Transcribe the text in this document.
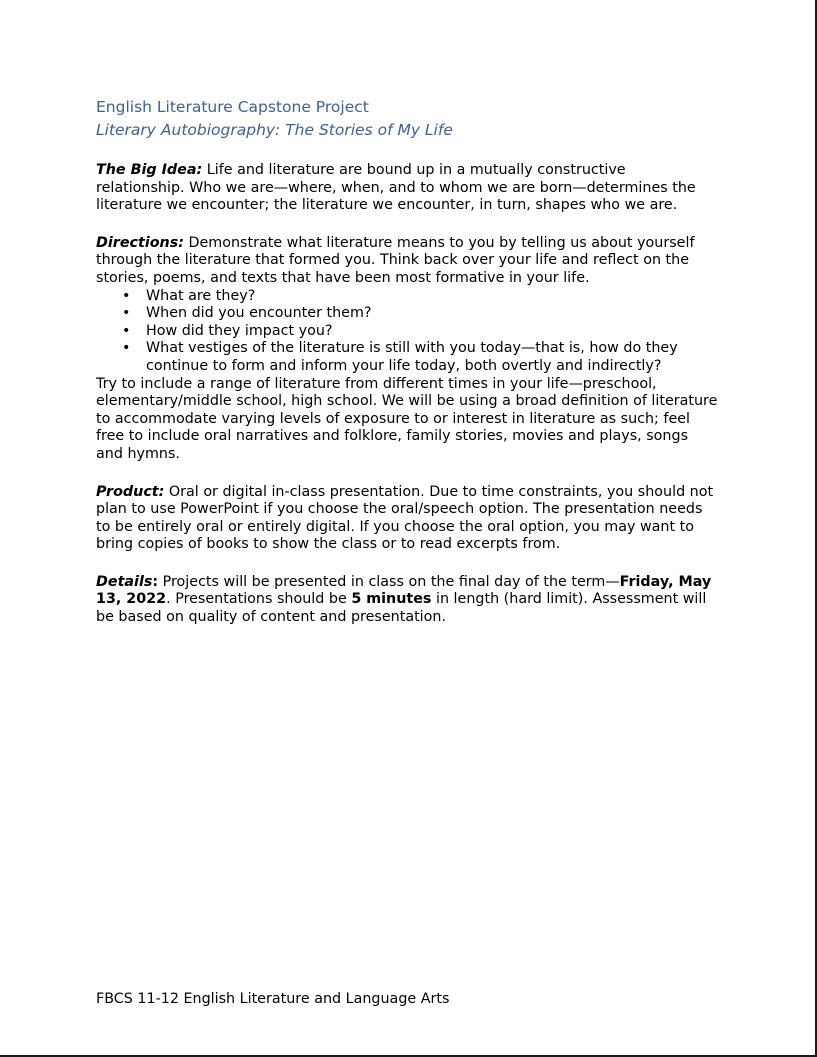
English Literature Capstone Project
Literary Autobiography: The Stories of My Life

The Big Idea: Life and literature are bound up in a mutually constructive relationship. Who we are—where, when, and to whom we are born—determines the literature we encounter; the literature we encounter, in turn, shapes who we are.

Directions: Demonstrate what literature means to you by telling us about yourself through the literature that formed you. Think back over your life and reflect on the stories, poems, and texts that have been most formative in your life.

• What are they?
• When did you encounter them?
• How did they impact you?
• What vestiges of the literature is still with you today—that is, how do they continue to form and inform your life today, both overtly and indirectly?

Try to include a range of literature from different times in your life—preschool, elementary/middle school, high school. We will be using a broad definition of literature to accommodate varying levels of exposure to or interest in literature as such; feel free to include oral narratives and folklore, family stories, movies and plays, songs and hymns.

Product: Oral or digital in-class presentation. Due to time constraints, you should not plan to use PowerPoint if you choose the oral/speech option. The presentation needs to be entirely oral or entirely digital. If you choose the oral option, you may want to bring copies of books to show the class or to read excerpts from.

Details: Projects will be presented in class on the final day of the term—Friday, May 13, 2022. Presentations should be 5 minutes in length (hard limit). Assessment will be based on quality of content and presentation.

FBCS 11-12 English Literature and Language Arts
